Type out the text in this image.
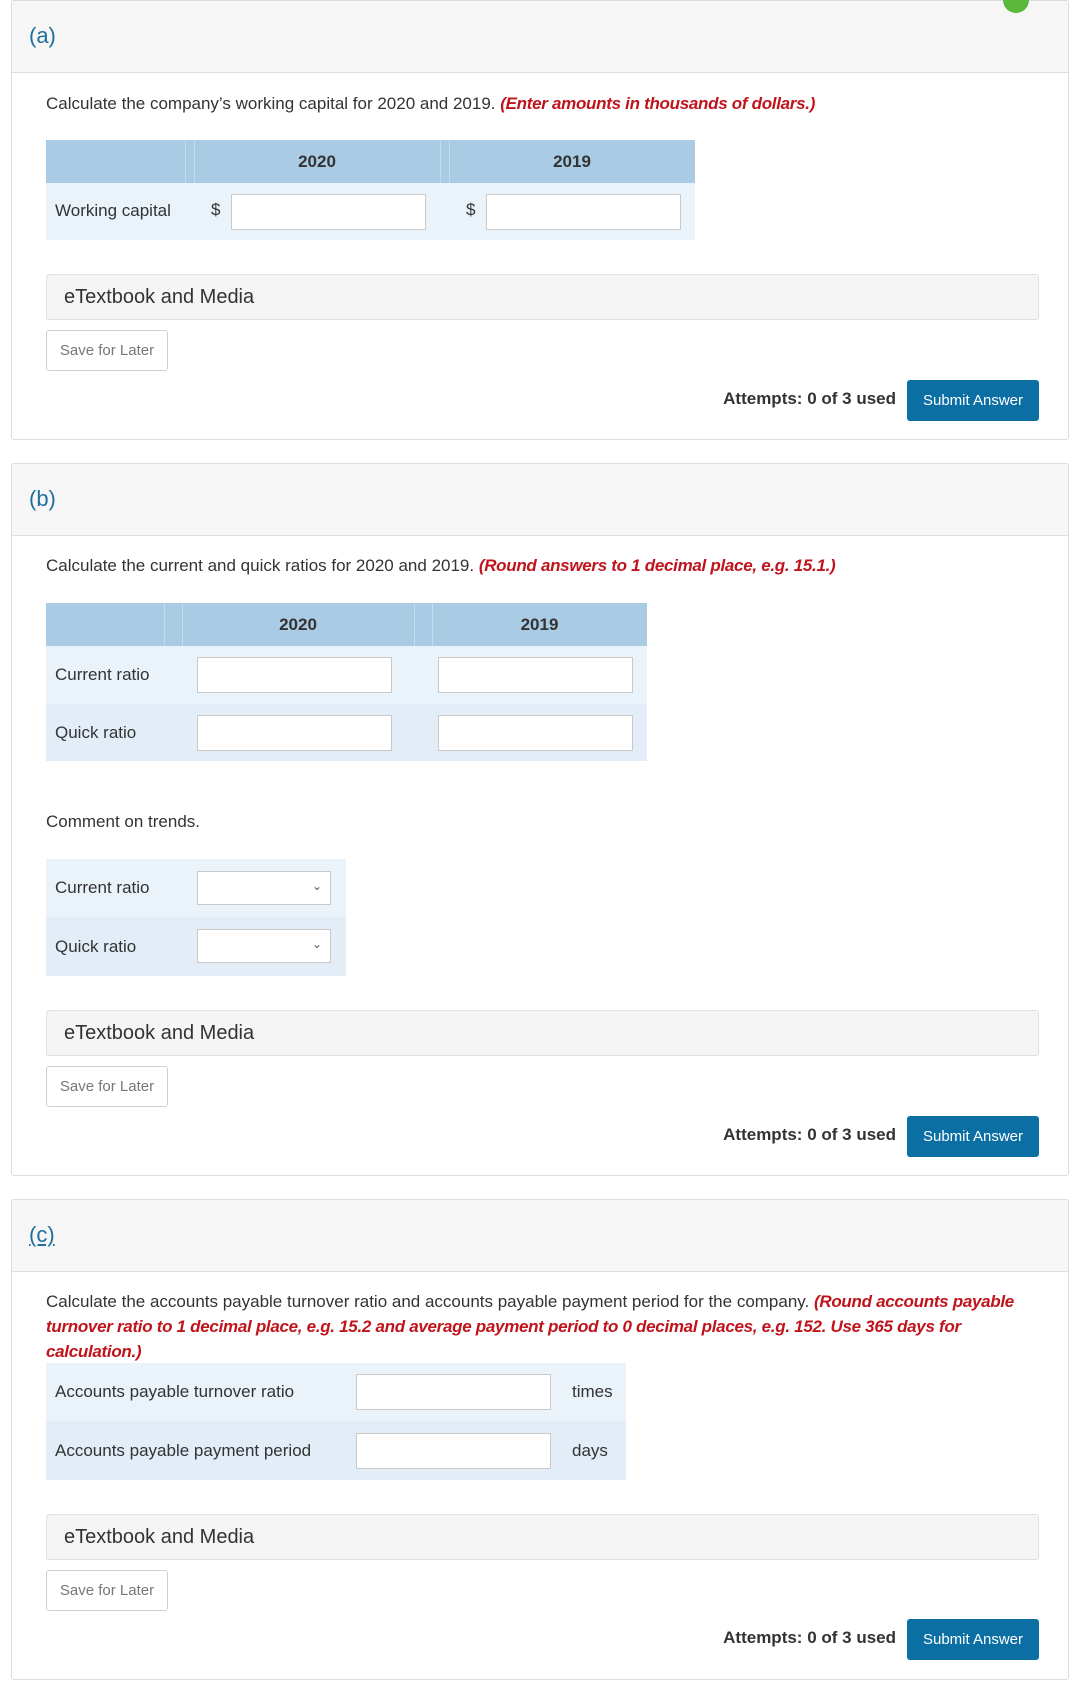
(a)
Calculate the company’s working capital for 2020 and 2019. (Enter amounts in thousands of dollars.)
2020	2019
Working capital $	$
eTextbook and Media
Save for Later
Attempts: 0 of 3 used	Submit Answer
(b)
Calculate the current and quick ratios for 2020 and 2019. (Round answers to 1 decimal place, e.g. 15.1.)
2020	2019
Current ratio
Quick ratio
Comment on trends.
Current ratio	⌄
Quick ratio	⌄
eTextbook and Media
Save for Later
Attempts: 0 of 3 used	Submit Answer
(c)
Calculate the accounts payable turnover ratio and accounts payable payment period for the company. (Round accounts payable turnover ratio to 1 decimal place, e.g. 15.2 and average payment period to 0 decimal places, e.g. 152. Use 365 days for calculation.)
Accounts payable turnover ratio	times
Accounts payable payment period	days
eTextbook and Media
Save for Later
Attempts: 0 of 3 used	Submit Answer
